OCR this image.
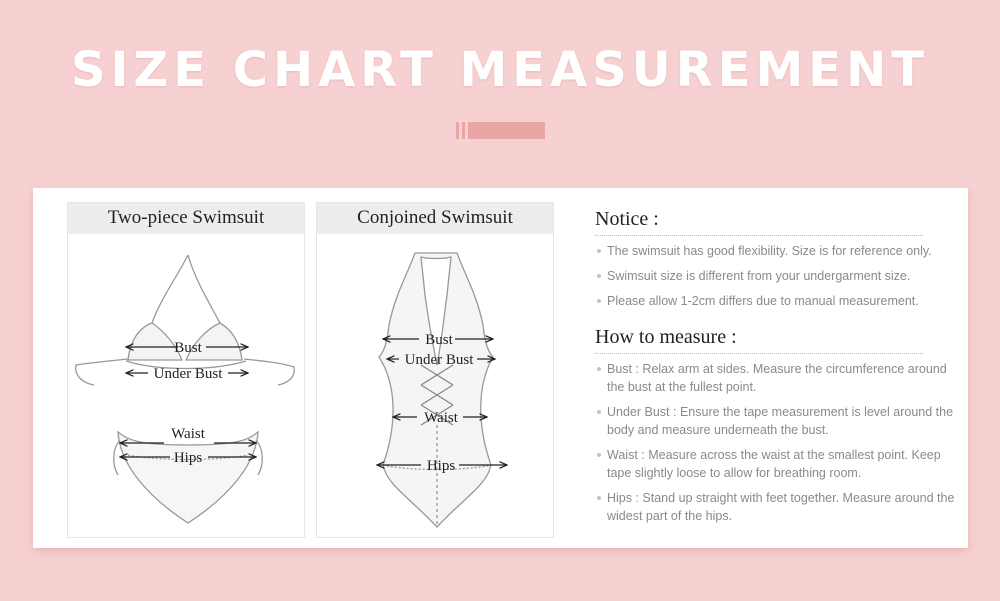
SIZE CHART MEASUREMENT
Two-piece Swimsuit
Bust
Under Bust
Waist
Hips
Conjoined Swimsuit
Bust
Under Bust
Waist
Hips
Notice :
The swimsuit has good flexibility. Size is for reference only.
Swimsuit size is different from your undergarment size.
Please allow 1-2cm differs due to manual measurement.
How to measure :
Bust : Relax arm at sides. Measure the circumference around the bust at the fullest point.
Under Bust : Ensure the tape measurement is level around the body and measure underneath the bust.
Waist : Measure across the waist at the smallest point. Keep tape slightly loose to allow for breathing room.
Hips : Stand up straight with feet together. Measure around the widest part of the hips.
